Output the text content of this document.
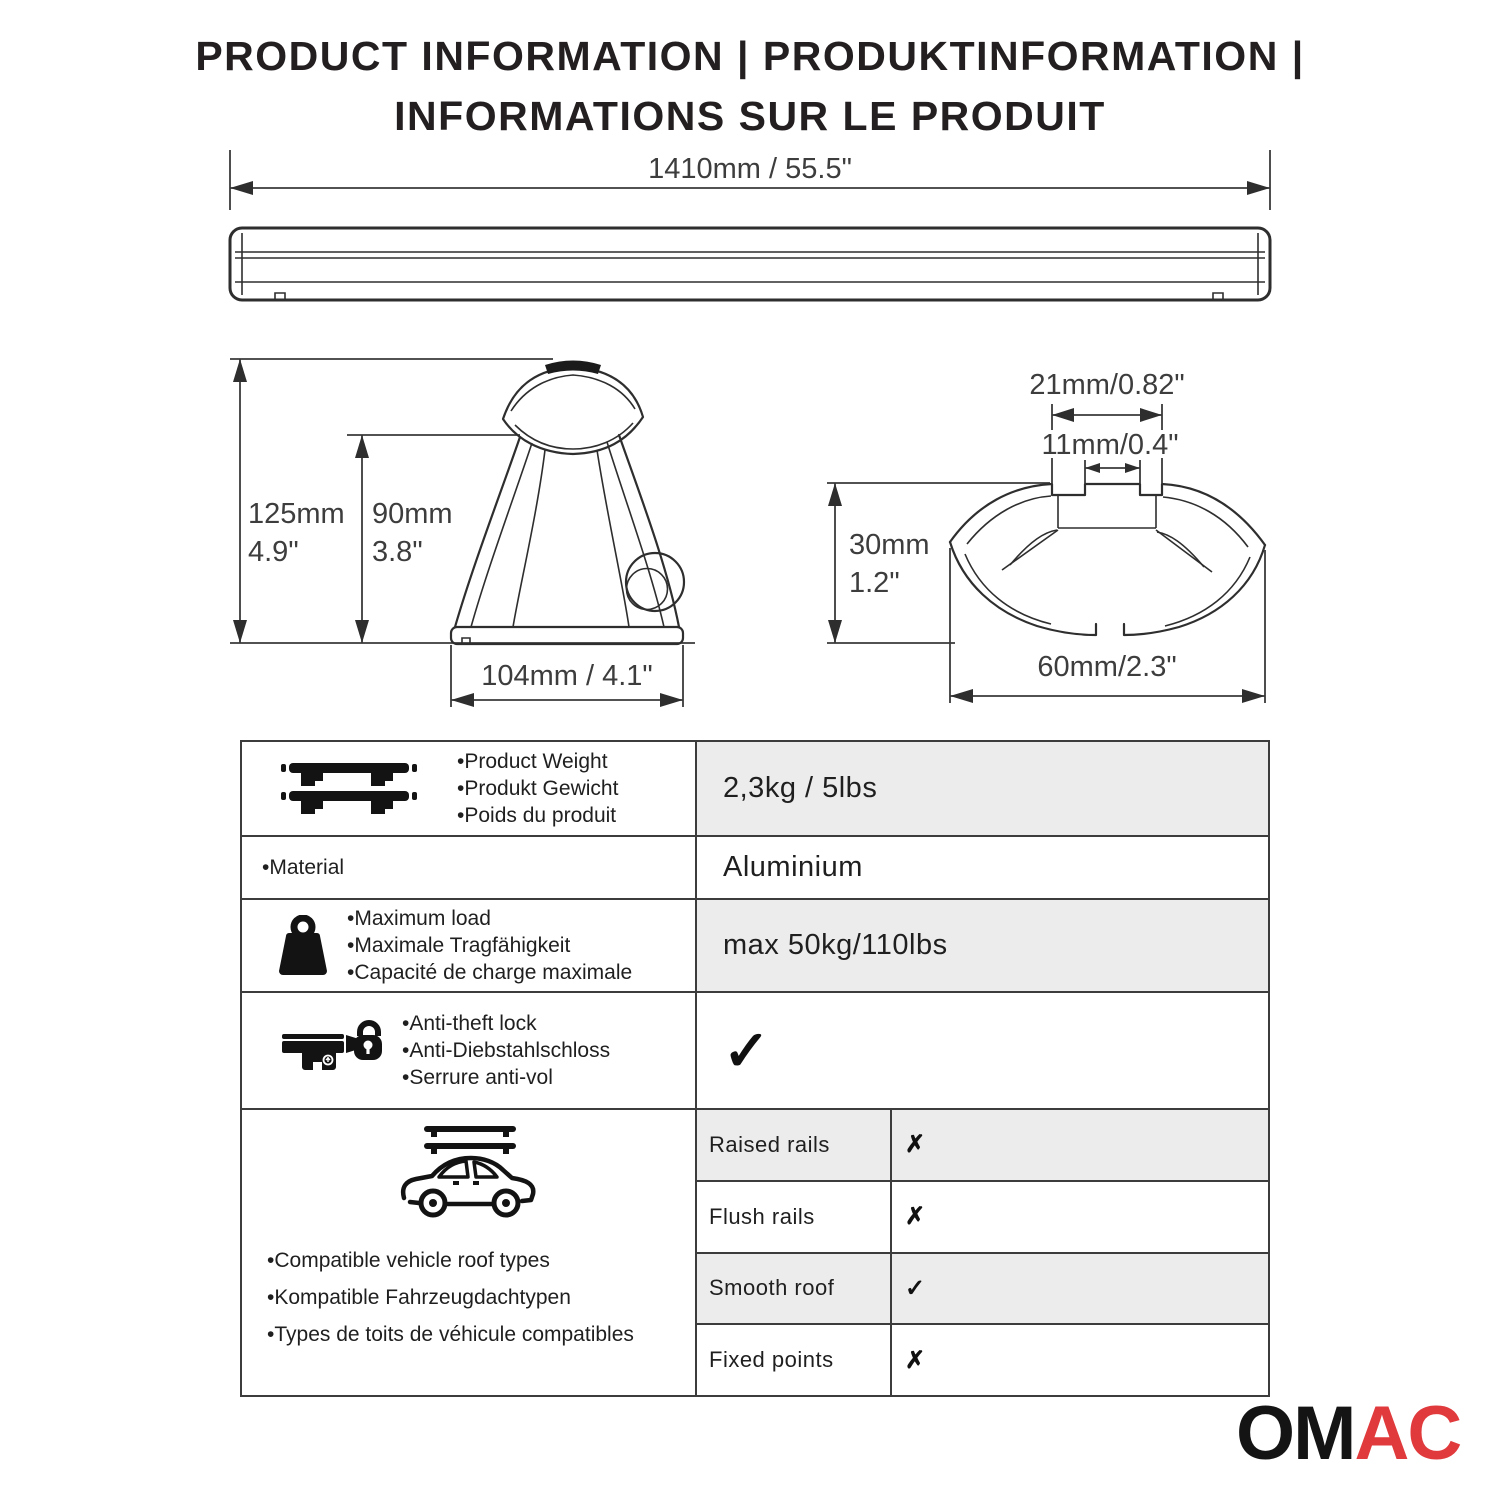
PRODUCT INFORMATION | PRODUKTINFORMATION |
INFORMATIONS SUR LE PRODUIT
1410mm / 55.5"
125mm
4.9"
90mm
3.8"
104mm / 4.1"
21mm/0.82"
11mm/0.4"
30mm
1.2"
60mm/2.3"
•Product Weight
•Produkt Gewicht
•Poids du produit
2,3kg / 5lbs
•Material	Aluminium
•Maximum load
•Maximale Tragfähigkeit
•Capacité de charge maximale
max 50kg/110lbs
•Anti-theft lock
•Anti-Diebstahlschloss
•Serrure anti-vol	✓
•Compatible vehicle roof types
•Kompatible Fahrzeugdachtypen
•Types de toits de véhicule compatibles
Raised rails	✗
Flush rails	✗
Smooth roof	✓
Fixed points	✗
OMAC
